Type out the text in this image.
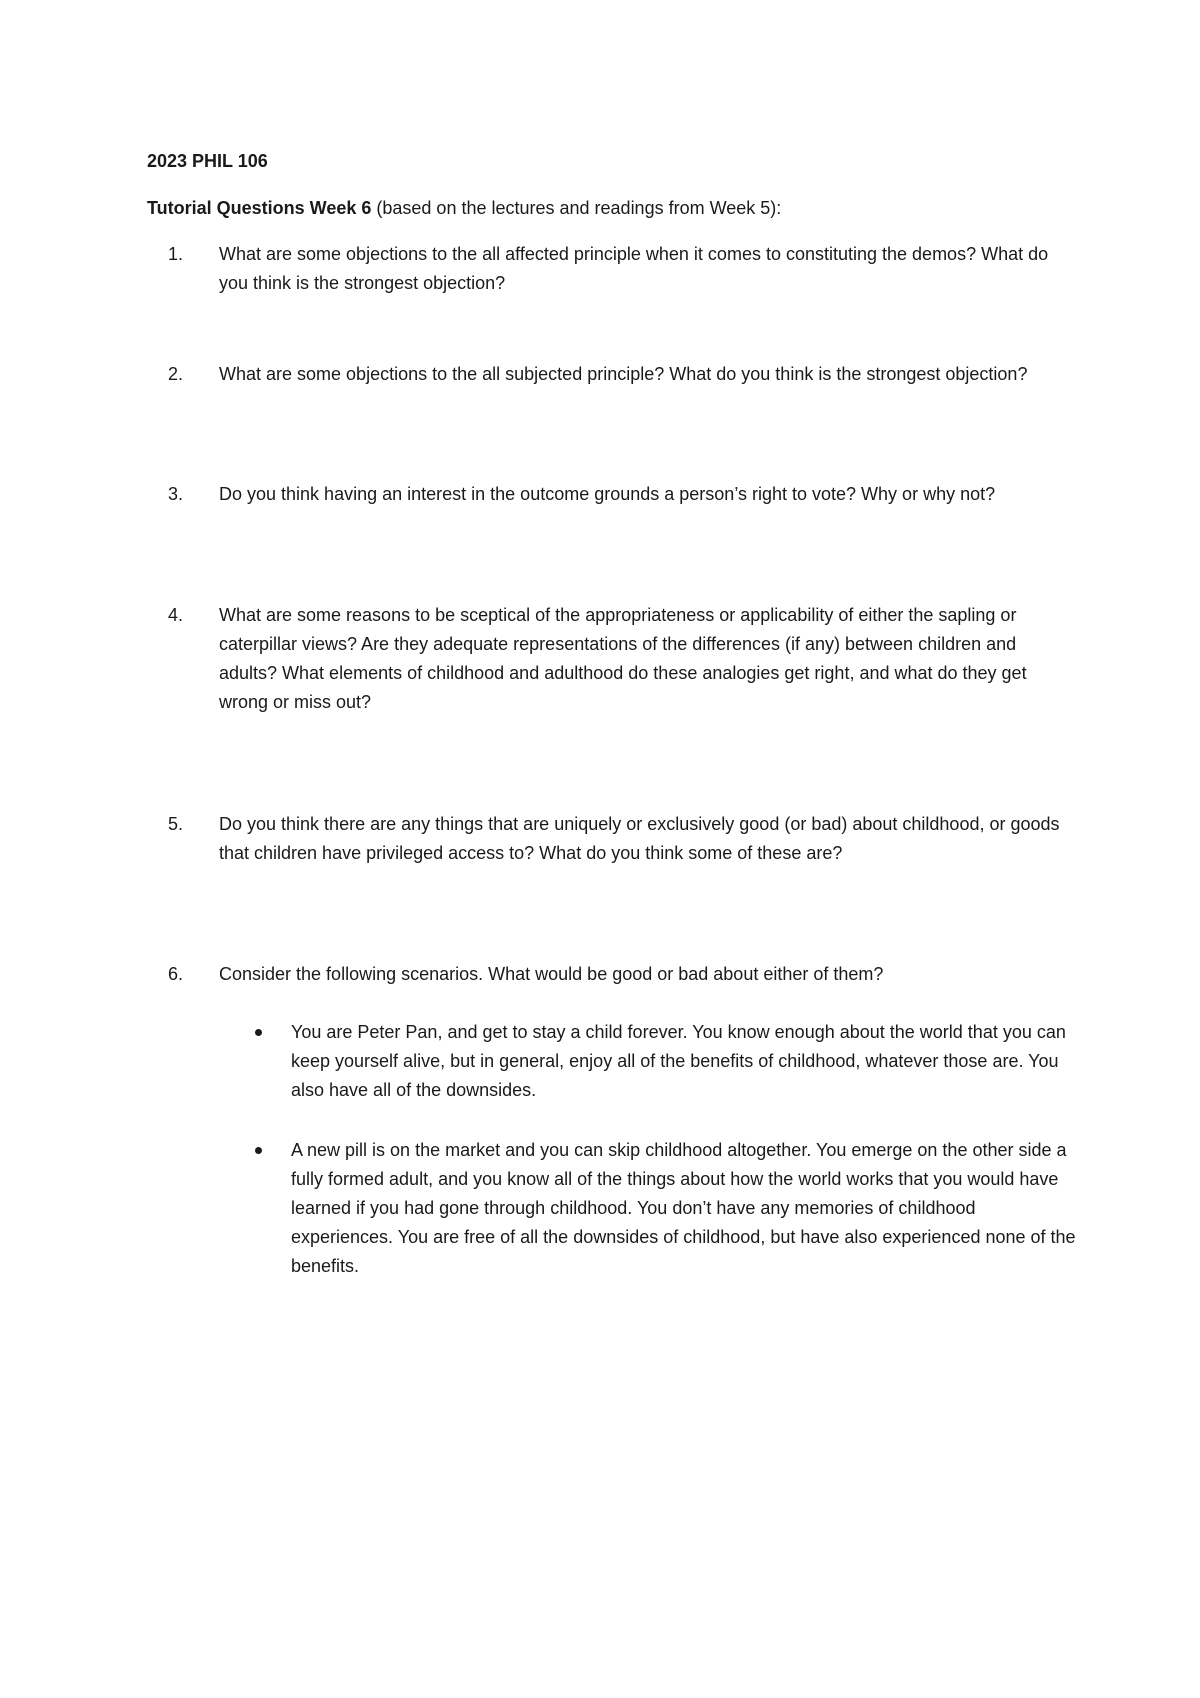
2023 PHIL 106
Tutorial Questions Week 6 (based on the lectures and readings from Week 5):
1. What are some objections to the all affected principle when it comes to constituting the demos? What do you think is the strongest objection?
2. What are some objections to the all subjected principle? What do you think is the strongest objection?
3. Do you think having an interest in the outcome grounds a person’s right to vote? Why or why not?
4. What are some reasons to be sceptical of the appropriateness or applicability of either the sapling or caterpillar views? Are they adequate representations of the differences (if any) between children and adults? What elements of childhood and adulthood do these analogies get right, and what do they get wrong or miss out?
5. Do you think there are any things that are uniquely or exclusively good (or bad) about childhood, or goods that children have privileged access to? What do you think some of these are?
6. Consider the following scenarios. What would be good or bad about either of them?
You are Peter Pan, and get to stay a child forever. You know enough about the world that you can keep yourself alive, but in general, enjoy all of the benefits of childhood, whatever those are. You also have all of the downsides.
A new pill is on the market and you can skip childhood altogether. You emerge on the other side a fully formed adult, and you know all of the things about how the world works that you would have learned if you had gone through childhood. You don’t have any memories of childhood experiences. You are free of all the downsides of childhood, but have also experienced none of the benefits.
